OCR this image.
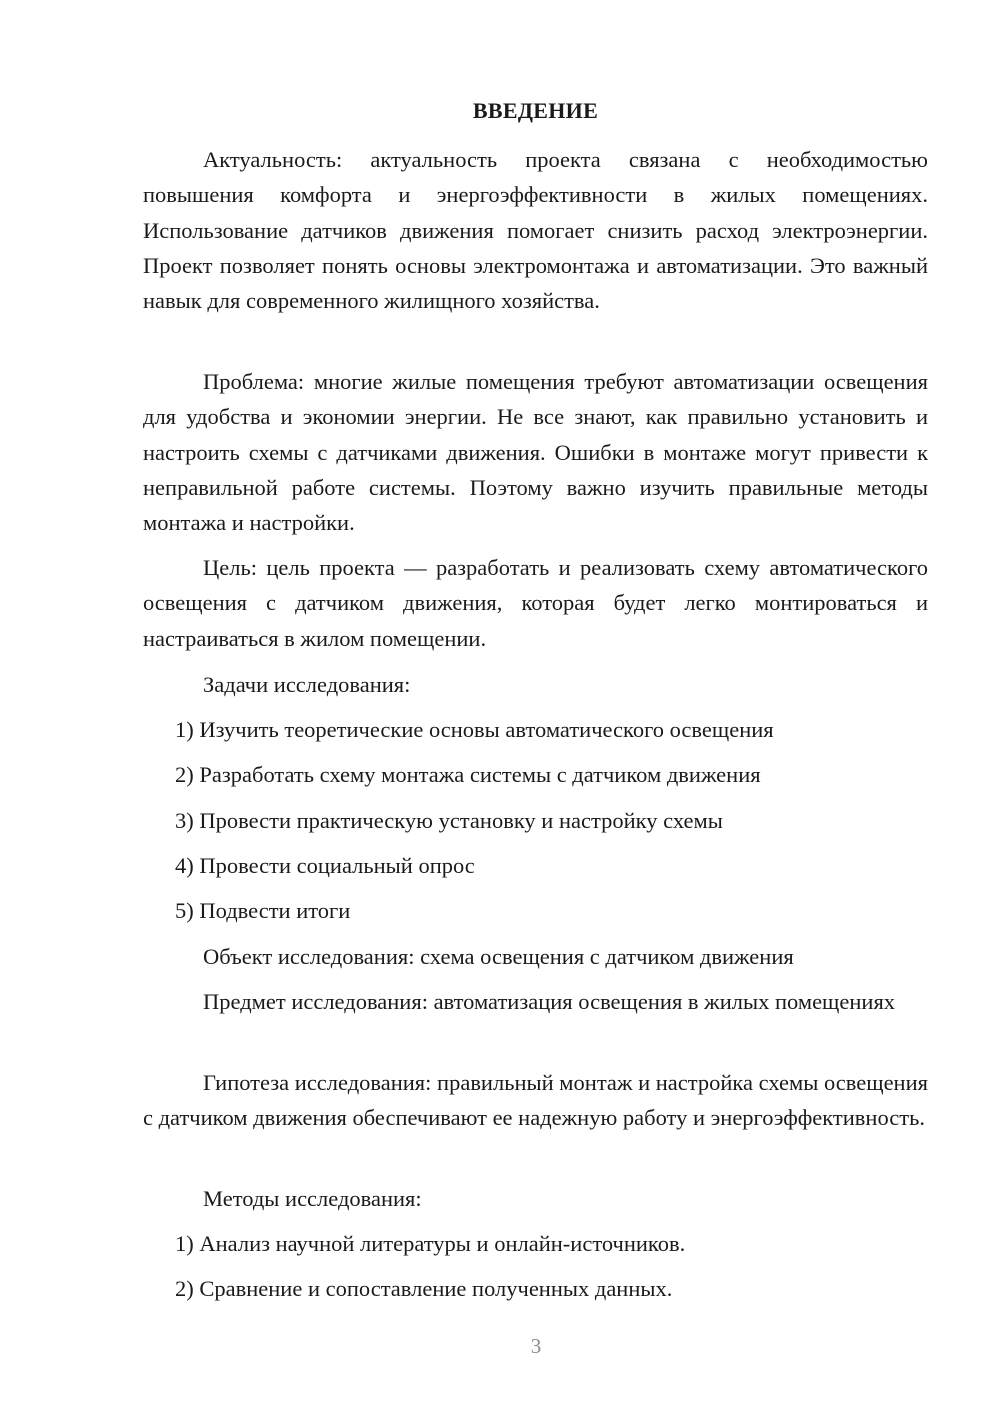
ВВЕДЕНИЕ

Актуальность: актуальность проекта связана с необходимостью повышения комфорта и энергоэффективности в жилых помещениях. Использование датчиков движения помогает снизить расход электроэнергии. Проект позволяет понять основы электромонтажа и автоматизации. Это важный навык для современного жилищного хозяйства.

Проблема: многие жилые помещения требуют автоматизации освещения для удобства и экономии энергии. Не все знают, как правильно установить и настроить схемы с датчиками движения. Ошибки в монтаже могут привести к неправильной работе системы. Поэтому важно изучить правильные методы монтажа и настройки.

Цель: цель проекта — разработать и реализовать схему автоматического освещения с датчиком движения, которая будет легко монтироваться и настраиваться в жилом помещении.

Задачи исследования:

1) Изучить теоретические основы автоматического освещения

2) Разработать схему монтажа системы с датчиком движения

3) Провести практическую установку и настройку схемы

4) Провести социальный опрос

5) Подвести итоги

Объект исследования: схема освещения с датчиком движения

Предмет исследования: автоматизация освещения в жилых помещениях

Гипотеза исследования: правильный монтаж и настройка схемы освещения с датчиком движения обеспечивают ее надежную работу и энергоэффективность.

Методы исследования:

1) Анализ научной литературы и онлайн-источников.

2) Сравнение и сопоставление полученных данных.

3
